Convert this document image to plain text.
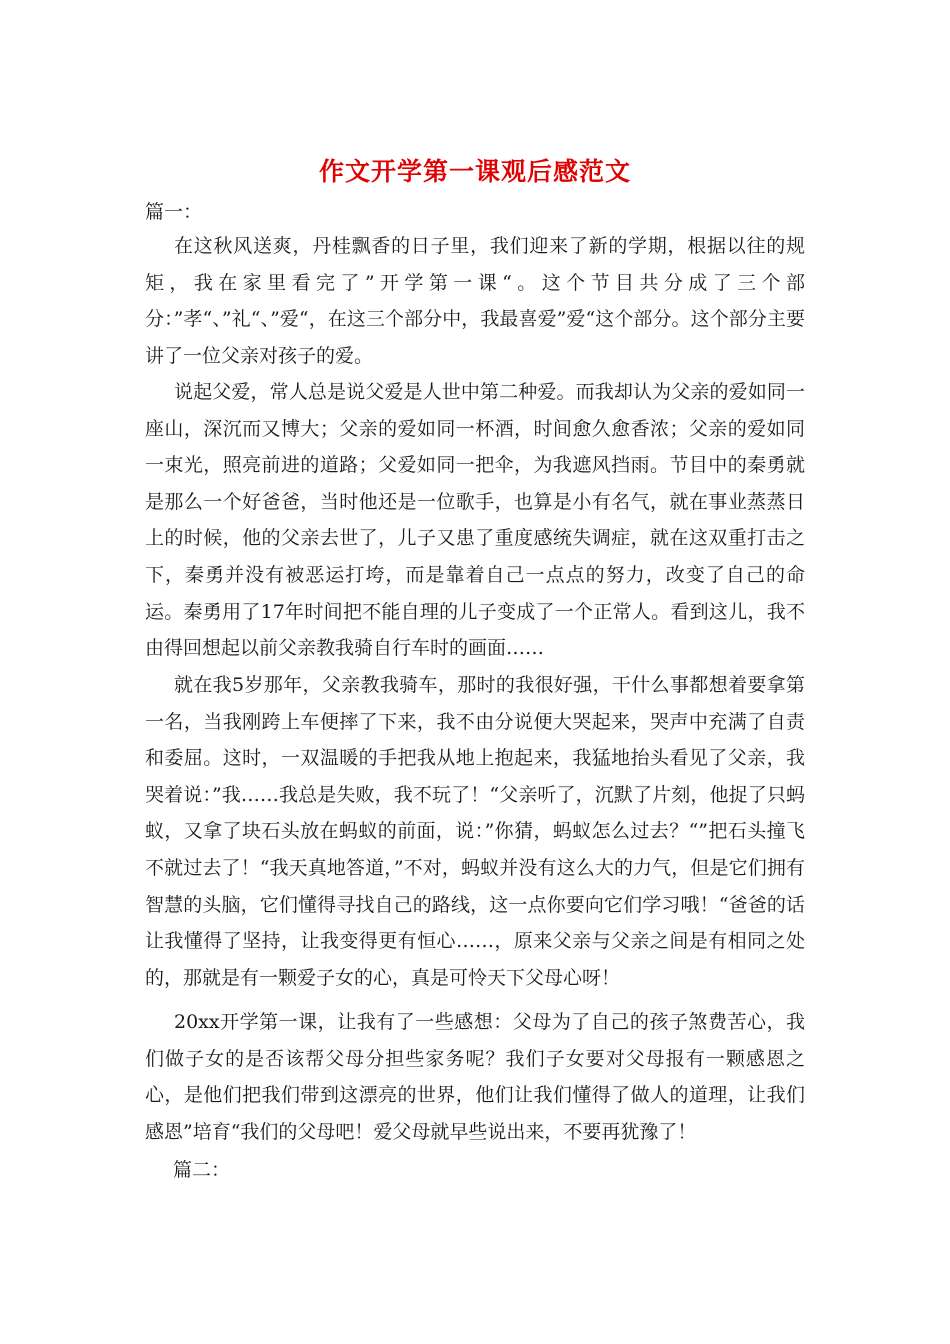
作文开学第一课观后感范文
篇一：

在这秋风送爽，丹桂飘香的日子里，我们迎来了新的学期，根据以往的规矩，我在家里看完了”开学第一课“。这个节目共分成了三个部分：”孝“、”礼“、”爱“，在这三个部分中，我最喜爱”爱“这个部分。这个部分主要讲了一位父亲对孩子的爱。

说起父爱，常人总是说父爱是人世中第二种爱。而我却认为父亲的爱如同一座山，深沉而又博大；父亲的爱如同一杯酒，时间愈久愈香浓；父亲的爱如同一束光，照亮前进的道路；父爱如同一把伞，为我遮风挡雨。节目中的秦勇就是那么一个好爸爸，当时他还是一位歌手，也算是小有名气，就在事业蒸蒸日上的时候，他的父亲去世了，儿子又患了重度感统失调症，就在这双重打击之下，秦勇并没有被恶运打垮，而是靠着自己一点点的努力，改变了自己的命运。秦勇用了17年时间把不能自理的儿子变成了一个正常人。看到这儿，我不由得回想起以前父亲教我骑自行车时的画面……

就在我5岁那年，父亲教我骑车，那时的我很好强，干什么事都想着要拿第一名，当我刚跨上车便摔了下来，我不由分说便大哭起来，哭声中充满了自责和委屈。这时，一双温暖的手把我从地上抱起来，我猛地抬头看见了父亲，我哭着说：”我……我总是失败，我不玩了！“父亲听了，沉默了片刻，他捉了只蚂蚁，又拿了块石头放在蚂蚁的前面，说：”你猜，蚂蚁怎么过去？“”把石头撞飞不就过去了！“我天真地答道，”不对，蚂蚁并没有这么大的力气，但是它们拥有智慧的头脑，它们懂得寻找自己的路线，这一点你要向它们学习哦！“爸爸的话让我懂得了坚持，让我变得更有恒心……，原来父亲与父亲之间是有相同之处的，那就是有一颗爱子女的心，真是可怜天下父母心呀！

20xx开学第一课，让我有了一些感想：父母为了自己的孩子煞费苦心，我们做子女的是否该帮父母分担些家务呢？我们子女要对父母报有一颗感恩之心，是他们把我们带到这漂亮的世界，他们让我们懂得了做人的道理，让我们感恩”培育“我们的父母吧！爱父母就早些说出来，不要再犹豫了！

篇二：
